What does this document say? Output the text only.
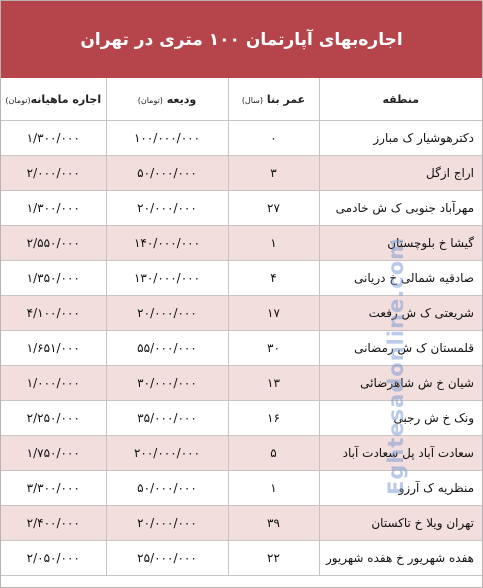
اجاره‌بهای آپارتمان ۱۰۰ متری در تهران
منطقه	عمر بنا (سال)	ودیعه (تومان)	اجاره ماهیانه(تومان)
دکترهوشیار ک مبارز	۰	۱۰۰/۰۰۰/۰۰۰	۱/۳۰۰/۰۰۰
اراج ازگل	۳	۵۰/۰۰۰/۰۰۰	۲/۰۰۰/۰۰۰
مهرآباد جنوبی ک ش خادمی	۲۷	۲۰/۰۰۰/۰۰۰	۱/۳۰۰/۰۰۰
گیشا خ بلوچستان	۱	۱۴۰/۰۰۰/۰۰۰	۲/۵۵۰/۰۰۰
صادقیه شمالی خ دریانی	۴	۱۳۰/۰۰۰/۰۰۰	۱/۳۵۰/۰۰۰
شریعتی ک ش رفعت	۱۷	۲۰/۰۰۰/۰۰۰	۴/۱۰۰/۰۰۰
قلمستان ک ش رمضانی	۳۰	۵۵/۰۰۰/۰۰۰	۱/۶۵۱/۰۰۰
شیان خ ش شاهرضائی	۱۳	۳۰/۰۰۰/۰۰۰	۱/۰۰۰/۰۰۰
ونک خ ش رجبی	۱۶	۳۵/۰۰۰/۰۰۰	۲/۲۵۰/۰۰۰
سعادت آباد پل سعادت آباد	۵	۲۰۰/۰۰۰/۰۰۰	۱/۷۵۰/۰۰۰
منظریه ک آرزو	۱	۵۰/۰۰۰/۰۰۰	۳/۳۰۰/۰۰۰
تهران ویلا خ تاکستان	۳۹	۲۰/۰۰۰/۰۰۰	۲/۴۰۰/۰۰۰
هفده شهریور خ هفده شهریور	۲۲	۲۵/۰۰۰/۰۰۰	۲/۰۵۰/۰۰۰
Eghtesadonline.com
